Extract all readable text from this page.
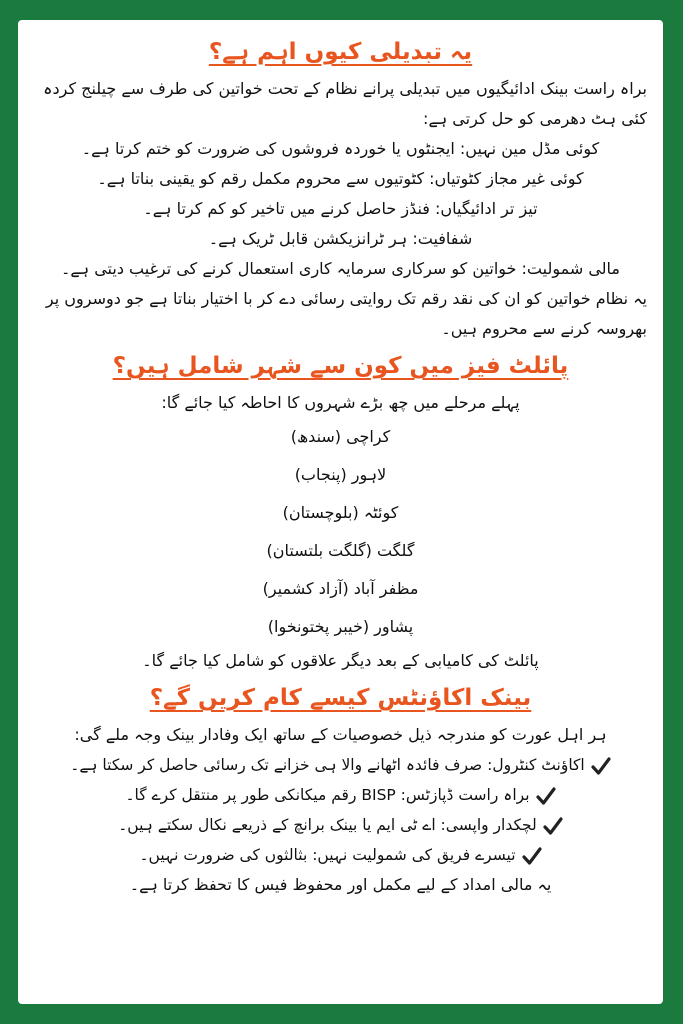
یہ تبدیلی کیوں اہم ہے؟

براہ راست بینک ادائیگیوں میں تبدیلی پرانے نظام کے تحت خواتین کی طرف سے چیلنج کردہ کئی ہٹ دھرمی کو حل کرتی ہے:

کوئی مڈل مین نہیں: ایجنٹوں یا خوردہ فروشوں کی ضرورت کو ختم کرتا ہے۔

کوئی غیر مجاز کٹوتیاں: کٹوتیوں سے محروم مکمل رقم کو یقینی بناتا ہے۔

تیز تر ادائیگیاں: فنڈز حاصل کرنے میں تاخیر کو کم کرتا ہے۔

شفافیت: ہر ٹرانزیکشن قابل ٹریک ہے۔

مالی شمولیت: خواتین کو سرکاری سرمایہ کاری استعمال کرنے کی ترغیب دیتی ہے۔

یہ نظام خواتین کو ان کی نقد رقم تک روایتی رسائی دے کر با اختیار بناتا ہے جو دوسروں پر بھروسہ کرنے سے محروم ہیں۔

پائلٹ فیز میں کون سے شہر شامل ہیں؟

پہلے مرحلے میں چھ بڑے شہروں کا احاطہ کیا جائے گا:

کراچی (سندھ)

لاہور (پنجاب)

کوئٹہ (بلوچستان)

گلگت (گلگت بلتستان)

مظفر آباد (آزاد کشمیر)

پشاور (خیبر پختونخوا)

پائلٹ کی کامیابی کے بعد دیگر علاقوں کو شامل کیا جائے گا۔

بینک اکاؤنٹس کیسے کام کریں گے؟

ہر اہل عورت کو مندرجہ ذیل خصوصیات کے ساتھ ایک وفادار بینک وجہ ملے گی:

اکاؤنٹ کنٹرول: صرف فائدہ اٹھانے والا ہی خزانے تک رسائی حاصل کر سکتا ہے۔

براہ راست ڈپازٹس: BISP رقم میکانکی طور پر منتقل کرے گا۔

لچکدار واپسی: اے ٹی ایم یا بینک برانچ کے ذریعے نکال سکتے ہیں۔

تیسرے فریق کی شمولیت نہیں: بثالثوں کی ضرورت نہیں۔

یہ مالی امداد کے لیے مکمل اور محفوظ فیس کا تحفظ کرتا ہے۔
